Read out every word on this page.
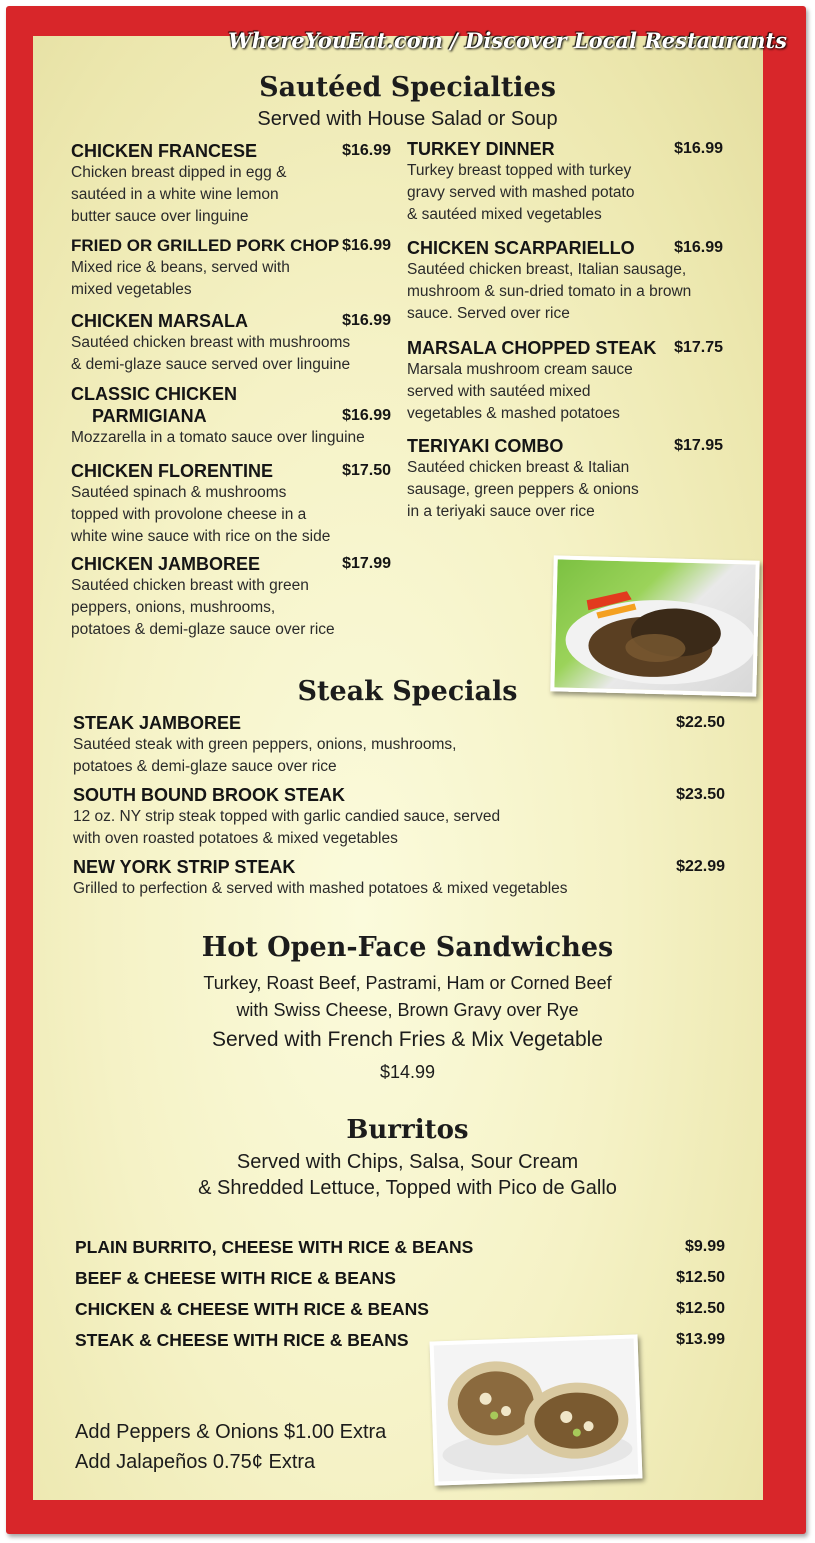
WhereYouEat.com / Discover Local Restaurants
Sautéed Specialties
Served with House Salad or Soup
CHICKEN FRANCESE	$16.99
Chicken breast dipped in egg &
sautéed in a white wine lemon
butter sauce over linguine
FRIED OR GRILLED PORK CHOP $16.99
Mixed rice & beans, served with
mixed vegetables
CHICKEN MARSALA	$16.99
Sautéed chicken breast with mushrooms
& demi-glaze sauce served over linguine
CLASSIC CHICKEN
PARMIGIANA	$16.99
Mozzarella in a tomato sauce over linguine
CHICKEN FLORENTINE	$17.50
Sautéed spinach & mushrooms
topped with provolone cheese in a
white wine sauce with rice on the side
CHICKEN JAMBOREE	$17.99
Sautéed chicken breast with green
peppers, onions, mushrooms,
potatoes & demi-glaze sauce over rice
TURKEY DINNER	$16.99
Turkey breast topped with turkey
gravy served with mashed potato
& sautéed mixed vegetables
CHICKEN SCARPARIELLO	$16.99
Sautéed chicken breast, Italian sausage,
mushroom & sun-dried tomato in a brown
sauce. Served over rice
MARSALA CHOPPED STEAK	$17.75
Marsala mushroom cream sauce
served with sautéed mixed
vegetables & mashed potatoes
TERIYAKI COMBO	$17.95
Sautéed chicken breast & Italian
sausage, green peppers & onions
in a teriyaki sauce over rice
Steak Specials
STEAK JAMBOREE	$22.50
Sautéed steak with green peppers, onions, mushrooms,
potatoes & demi-glaze sauce over rice
SOUTH BOUND BROOK STEAK	$23.50
12 oz. NY strip steak topped with garlic candied sauce, served
with oven roasted potatoes & mixed vegetables
NEW YORK STRIP STEAK	$22.99
Grilled to perfection & served with mashed potatoes & mixed vegetables
Hot Open-Face Sandwiches
Turkey, Roast Beef, Pastrami, Ham or Corned Beef
with Swiss Cheese, Brown Gravy over Rye
Served with French Fries & Mix Vegetable
$14.99
Burritos
Served with Chips, Salsa, Sour Cream
& Shredded Lettuce, Topped with Pico de Gallo
PLAIN BURRITO, CHEESE WITH RICE & BEANS	$9.99
BEEF & CHEESE WITH RICE & BEANS	$12.50
CHICKEN & CHEESE WITH RICE & BEANS	$12.50
STEAK & CHEESE WITH RICE & BEANS	$13.99
Add Peppers & Onions $1.00 Extra
Add Jalapeños 0.75¢ Extra
